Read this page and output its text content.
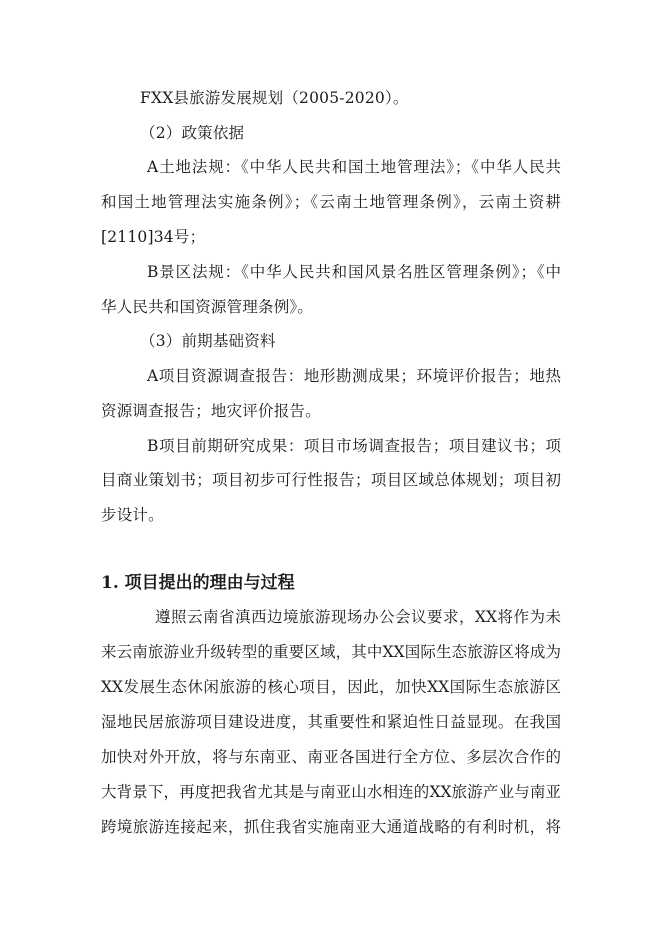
FXX县旅游发展规划（2005-2020）。
（2）政策依据
A土地法规：《中华人民共和国土地管理法》；《中华人民共
和国土地管理法实施条例》；《云南土地管理条例》，云南土资耕
[2110]34号；
B景区法规：《中华人民共和国风景名胜区管理条例》；《中
华人民共和国资源管理条例》。
（3）前期基础资料
A项目资源调查报告：地形勘测成果；环境评价报告；地热
资源调查报告；地灾评价报告。
B项目前期研究成果：项目市场调查报告；项目建议书；项
目商业策划书；项目初步可行性报告；项目区域总体规划；项目初
步设计。
1. 项目提出的理由与过程
遵照云南省滇西边境旅游现场办公会议要求，XX将作为未
来云南旅游业升级转型的重要区域，其中XX国际生态旅游区将成为
XX发展生态休闲旅游的核心项目，因此，加快XX国际生态旅游区
湿地民居旅游项目建设进度，其重要性和紧迫性日益显现。在我国
加快对外开放，将与东南亚、南亚各国进行全方位、多层次合作的
大背景下，再度把我省尤其是与南亚山水相连的XX旅游产业与南亚
跨境旅游连接起来，抓住我省实施南亚大通道战略的有利时机，将
